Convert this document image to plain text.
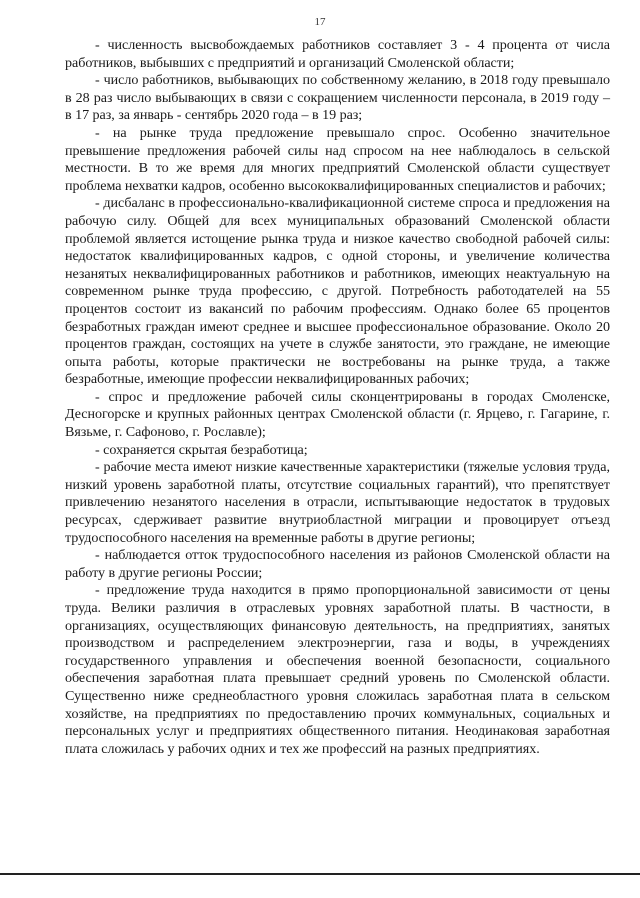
17

- численность высвобождаемых работников составляет 3 - 4 процента от числа работников, выбывших с предприятий и организаций Смоленской области;

- число работников, выбывающих по собственному желанию, в 2018 году превышало в 28 раз число выбывающих в связи с сокращением численности персонала, в 2019 году – в 17 раз, за январь - сентябрь 2020 года – в 19 раз;

- на рынке труда предложение превышало спрос. Особенно значительное превышение предложения рабочей силы над спросом на нее наблюдалось в сельской местности. В то же время для многих предприятий Смоленской области существует проблема нехватки кадров, особенно высококвалифицированных специалистов и рабочих;

- дисбаланс в профессионально-квалификационной системе спроса и предложения на рабочую силу. Общей для всех муниципальных образований Смоленской области проблемой является истощение рынка труда и низкое качество свободной рабочей силы: недостаток квалифицированных кадров, с одной стороны, и увеличение количества незанятых неквалифицированных работников и работников, имеющих неактуальную на современном рынке труда профессию, с другой. Потребность работодателей на 55 процентов состоит из вакансий по рабочим профессиям. Однако более 65 процентов безработных граждан имеют среднее и высшее профессиональное образование. Около 20 процентов граждан, состоящих на учете в службе занятости, это граждане, не имеющие опыта работы, которые практически не востребованы на рынке труда, а также безработные, имеющие профессии неквалифицированных рабочих;

- спрос и предложение рабочей силы сконцентрированы в городах Смоленске, Десногорске и крупных районных центрах Смоленской области (г. Ярцево, г. Гагарине, г. Вязьме, г. Сафоново, г. Рославле);

- сохраняется скрытая безработица;

- рабочие места имеют низкие качественные характеристики (тяжелые условия труда, низкий уровень заработной платы, отсутствие социальных гарантий), что препятствует привлечению незанятого населения в отрасли, испытывающие недостаток в трудовых ресурсах, сдерживает развитие внутриобластной миграции и провоцирует отъезд трудоспособного населения на временные работы в другие регионы;

- наблюдается отток трудоспособного населения из районов Смоленской области на работу в другие регионы России;

- предложение труда находится в прямо пропорциональной зависимости от цены труда. Велики различия в отраслевых уровнях заработной платы. В частности, в организациях, осуществляющих финансовую деятельность, на предприятиях, занятых производством и распределением электроэнергии, газа и воды, в учреждениях государственного управления и обеспечения военной безопасности, социального обеспечения заработная плата превышает средний уровень по Смоленской области. Существенно ниже среднеобластного уровня сложилась заработная плата в сельском хозяйстве, на предприятиях по предоставлению прочих коммунальных, социальных и персональных услуг и предприятиях общественного питания. Неодинаковая заработная плата сложилась у рабочих одних и тех же профессий на разных предприятиях.
